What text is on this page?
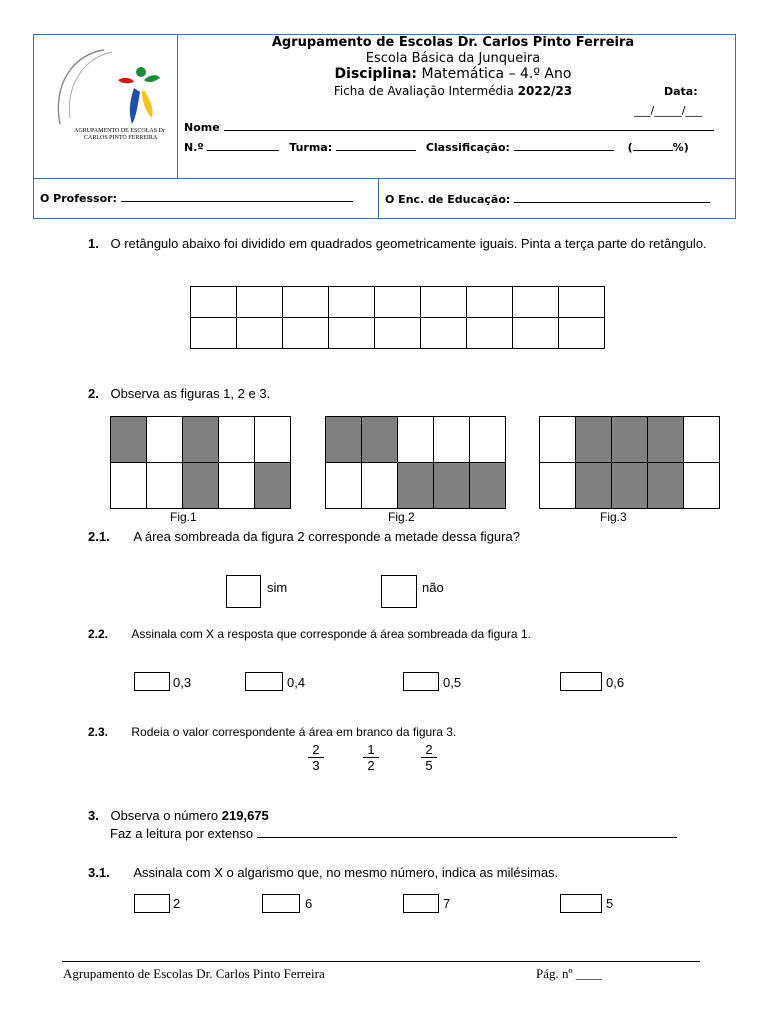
AGRUPAMENTO DE ESCOLAS Dr
CARLOS PINTO FERREIRA
Agrupamento de Escolas Dr. Carlos Pinto Ferreira
Escola Básica da Junqueira
Disciplina: Matemática – 4.º Ano
Ficha de Avaliação Intermédia 2022/23	Data:
___/_____/___
Nome
N.º	Turma:	Classificação:	(	%)
O Professor:	O Enc. de Educação:
1. O retângulo abaixo foi dividido em quadrados geometricamente iguais. Pinta a terça parte do retângulo.

2. Observa as figuras 1, 2 e 3.

Fig.1	Fig.2	Fig.3
2.1. A área sombreada da figura 2 corresponde a metade dessa figura?
sim	não
2.2. Assinala com X a resposta que corresponde á área sombreada da figura 1.
0,3	0,4	0,5	0,6
2.3. Rodeia o valor correspondente á área em branco da figura 3.
$\frac{2}{3}$	$\frac{1}{2}$	$\frac{2}{5}$
3. Observa o número 219,675
Faz a leitura por extenso
3.1. Assinala com X o algarismo que, no mesmo número, indica as milésimas.
2	6	7	5
Agrupamento de Escolas Dr. Carlos Pinto Ferreira	Pág. nº ____
